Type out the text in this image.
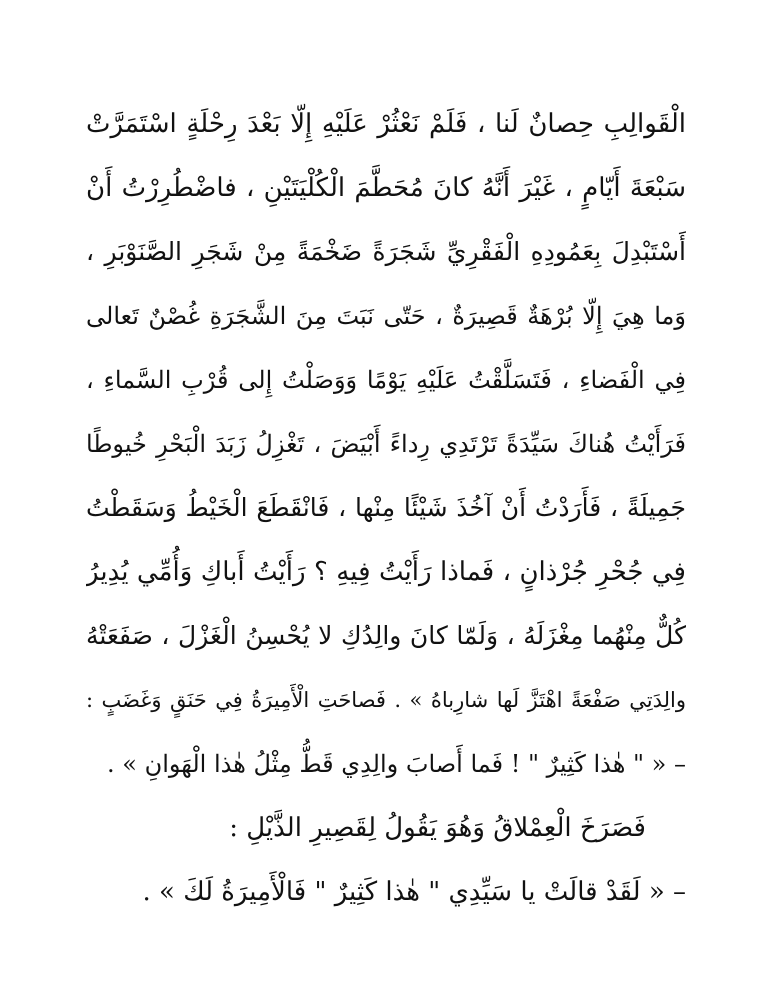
الْقَوالِبِ حِصانٌ لَنا ، فَلَمْ نَعْثُرْ عَلَيْهِ إِلّا بَعْدَ رِحْلَةٍ اسْتَمَرَّتْ
سَبْعَةَ أَيّامٍ ، غَيْرَ أَنَّهُ كانَ مُحَطَّمَ الْكُلْيَتَيْنِ ، فاضْطُرِرْتُ أَنْ
أَسْتَبْدِلَ بِعَمُودِهِ الْفَقْرِيِّ شَجَرَةً ضَخْمَةً مِنْ شَجَرِ الصَّنَوْبَرِ ،
وَما هِيَ إِلّا بُرْهَةٌ قَصِيرَةٌ ، حَتّى نَبَتَ مِنَ الشَّجَرَةِ غُصْنٌ تَعالى
فِي الْفَضاءِ ، فَتَسَلَّقْتُ عَلَيْهِ يَوْمًا وَوَصَلْتُ إِلى قُرْبِ السَّماءِ ،
فَرَأَيْتُ هُناكَ سَيِّدَةً تَرْتَدِي رِداءً أَبْيَضَ ، تَغْزِلُ زَبَدَ الْبَحْرِ خُيوطًا
جَمِيلَةً ، فَأَرَدْتُ أَنْ آخُذَ شَيْئًا مِنْها ، فَانْقَطَعَ الْخَيْطُ وَسَقَطْتُ
فِي جُحْرِ جُرْذانٍ ، فَماذا رَأَيْتُ فِيهِ ؟ رَأَيْتُ أَباكِ وَأُمِّي يُدِيرُ
كُلٌّ مِنْهُما مِغْزَلَهُ ، وَلَمّا كانَ والِدُكِ لا يُحْسِنُ الْغَزْلَ ، صَفَعَتْهُ
والِدَتِي صَفْعَةً اهْتَزَّ لَها شارِباهُ » . فَصاحَتِ الْأَمِيرَةُ فِي حَنَقٍ وَغَضَبٍ :
– « " هٰذا كَثِيرٌ " ! فَما أَصابَ والِدِي قَطُّ مِثْلُ هٰذا الْهَوانِ » .
فَصَرَخَ الْعِمْلاقُ وَهُوَ يَقُولُ لِقَصِيرِ الذَّيْلِ :
– « لَقَدْ قالَتْ يا سَيِّدِي " هٰذا كَثِيرٌ " فَالْأَمِيرَةُ لَكَ » .
